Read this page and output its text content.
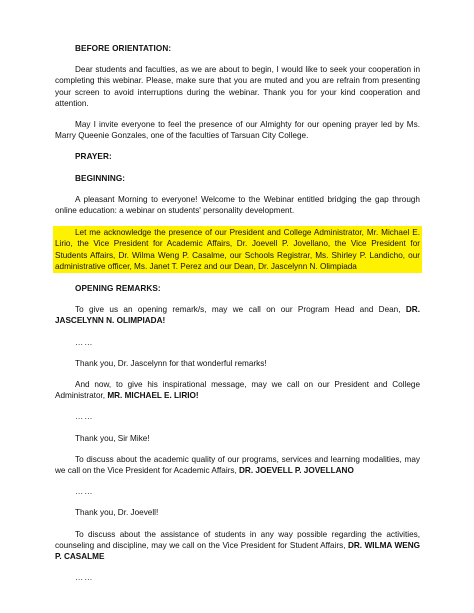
BEFORE ORIENTATION:
Dear students and faculties, as we are about to begin, I would like to seek your cooperation in completing this webinar. Please, make sure that you are muted and you are refrain from presenting your screen to avoid interruptions during the webinar. Thank you for your kind cooperation and attention.
May I invite everyone to feel the presence of our Almighty for our opening prayer led by Ms. Marry Queenie Gonzales, one of the faculties of Tarsuan City College.
PRAYER:
BEGINNING:
A pleasant Morning to everyone! Welcome to the Webinar entitled bridging the gap through online education: a webinar on students' personality development.
Let me acknowledge the presence of our President and College Administrator, Mr. Michael E. Lirio, the Vice President for Academic Affairs, Dr. Joevell P. Jovellano, the Vice President for Students Affairs, Dr. Wilma Weng P. Casalme, our Schools Registrar, Ms. Shirley P. Landicho, our administrative officer, Ms. Janet T. Perez and our Dean, Dr. Jascelynn N. Olimpiada
OPENING REMARKS:
To give us an opening remark/s, may we call on our Program Head and Dean, DR. JASCELYNN N. OLIMPIADA!
……
Thank you, Dr. Jascelynn for that wonderful remarks!
And now, to give his inspirational message, may we call on our President and College Administrator, MR. MICHAEL E. LIRIO!
……
Thank you, Sir Mike!
To discuss about the academic quality of our programs, services and learning modalities, may we call on the Vice President for Academic Affairs, DR. JOEVELL P. JOVELLANO
……
Thank you, Dr. Joevell!
To discuss about the assistance of students in any way possible regarding the activities, counseling and discipline, may we call on the Vice President for Student Affairs, DR. WILMA WENG P. CASALME
……
